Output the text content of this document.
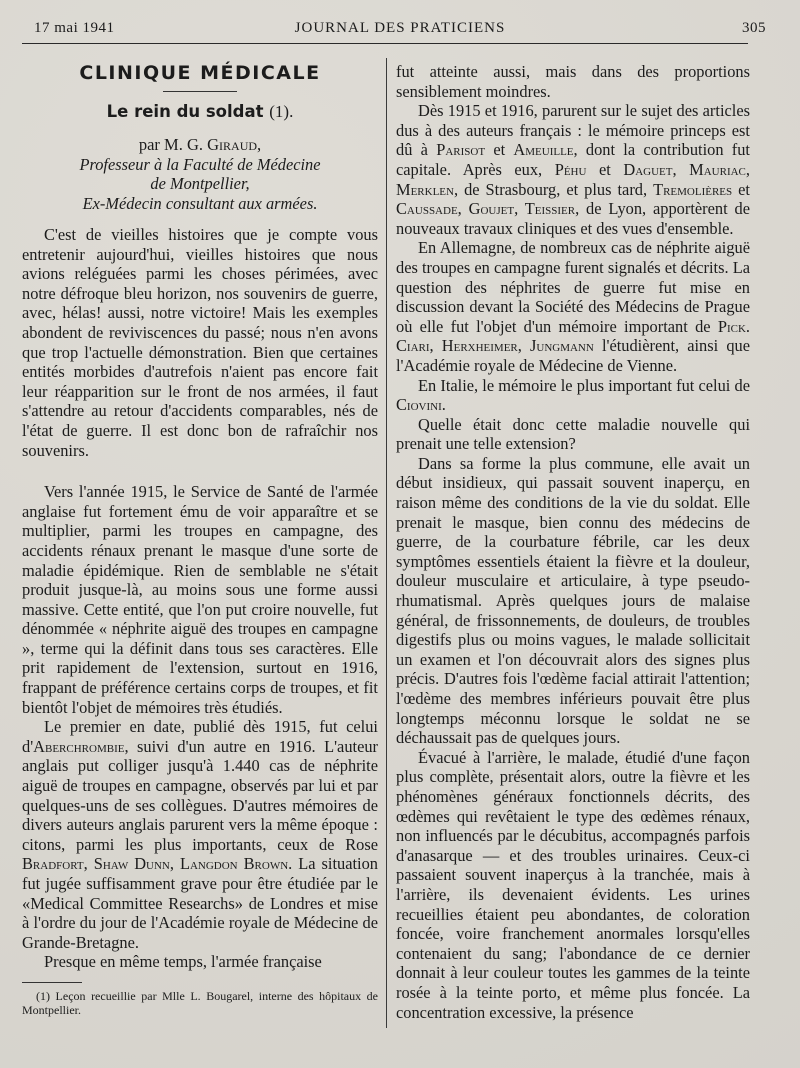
17 mai 1941	JOURNAL DES PRATICIENS	305
CLINIQUE MÉDICALE
Le rein du soldat (1).
par M. G. Giraud,
Professeur à la Faculté de Médecine
de Montpellier,
Ex-Médecin consultant aux armées.

C'est de vieilles histoires que je compte vous entretenir aujourd'hui, vieilles histoires que nous avions reléguées parmi les choses périmées, avec notre défroque bleu horizon, nos souvenirs de guerre, avec, hélas! aussi, notre victoire! Mais les exemples abondent de reviviscences du passé; nous n'en avons que trop l'actuelle démonstration. Bien que certaines entités morbides d'autrefois n'aient pas encore fait leur réapparition sur le front de nos armées, il faut s'attendre au retour d'accidents comparables, nés de l'état de guerre. Il est donc bon de rafraîchir nos souvenirs.

Vers l'année 1915, le Service de Santé de l'armée anglaise fut fortement ému de voir apparaître et se multiplier, parmi les troupes en campagne, des accidents rénaux prenant le masque d'une sorte de maladie épidémique. Rien de semblable ne s'était produit jusque-là, au moins sous une forme aussi massive. Cette entité, que l'on put croire nouvelle, fut dénommée « néphrite aiguë des troupes en campagne », terme qui la définit dans tous ses caractères. Elle prit rapidement de l'extension, surtout en 1916, frappant de préférence certains corps de troupes, et fit bientôt l'objet de mémoires très étudiés.

Le premier en date, publié dès 1915, fut celui d'Aberchrombie, suivi d'un autre en 1916. L'auteur anglais put colliger jusqu'à 1.440 cas de néphrite aiguë de troupes en campagne, observés par lui et par quelques-uns de ses collègues. D'autres mémoires de divers auteurs anglais parurent vers la même époque : citons, parmi les plus importants, ceux de Rose Bradfort, Shaw Dunn, Langdon Brown. La situation fut jugée suffisamment grave pour être étudiée par le «Medical Committee Researchs» de Londres et mise à l'ordre du jour de l'Académie royale de Médecine de Grande-Bretagne.

Presque en même temps, l'armée française

(1) Leçon recueillie par Mlle L. Bougarel, interne des hôpitaux de Montpellier.

fut atteinte aussi, mais dans des proportions sensiblement moindres.

Dès 1915 et 1916, parurent sur le sujet des articles dus à des auteurs français : le mémoire princeps est dû à Parisot et Ameuille, dont la contribution fut capitale. Après eux, Péhu et Daguet, Mauriac, Merklen, de Strasbourg, et plus tard, Tremolières et Caussade, Goujet, Teissier, de Lyon, apportèrent de nouveaux travaux cliniques et des vues d'ensemble.

En Allemagne, de nombreux cas de néphrite aiguë des troupes en campagne furent signalés et décrits. La question des néphrites de guerre fut mise en discussion devant la Société des Médecins de Prague où elle fut l'objet d'un mémoire important de Pick. Ciari, Herxheimer, Jungmann l'étudièrent, ainsi que l'Académie royale de Médecine de Vienne.

En Italie, le mémoire le plus important fut celui de Ciovini.

Quelle était donc cette maladie nouvelle qui prenait une telle extension?

Dans sa forme la plus commune, elle avait un début insidieux, qui passait souvent inaperçu, en raison même des conditions de la vie du soldat. Elle prenait le masque, bien connu des médecins de guerre, de la courbature fébrile, car les deux symptômes essentiels étaient la fièvre et la douleur, douleur musculaire et articulaire, à type pseudo-rhumatismal. Après quelques jours de malaise général, de frissonnements, de douleurs, de troubles digestifs plus ou moins vagues, le malade sollicitait un examen et l'on découvrait alors des signes plus précis. D'autres fois l'œdème facial attirait l'attention; l'œdème des membres inférieurs pouvait être plus longtemps méconnu lorsque le soldat ne se déchaussait pas de quelques jours.

Évacué à l'arrière, le malade, étudié d'une façon plus complète, présentait alors, outre la fièvre et les phénomènes généraux fonctionnels décrits, des œdèmes qui revêtaient le type des œdèmes rénaux, non influencés par le décubitus, accompagnés parfois d'anasarque — et des troubles urinaires. Ceux-ci passaient souvent inaperçus à la tranchée, mais à l'arrière, ils devenaient évidents. Les urines recueillies étaient peu abondantes, de coloration foncée, voire franchement anormales lorsqu'elles contenaient du sang; l'abondance de ce dernier donnait à leur couleur toutes les gammes de la teinte rosée à la teinte porto, et même plus foncée. La concentration excessive, la présence
